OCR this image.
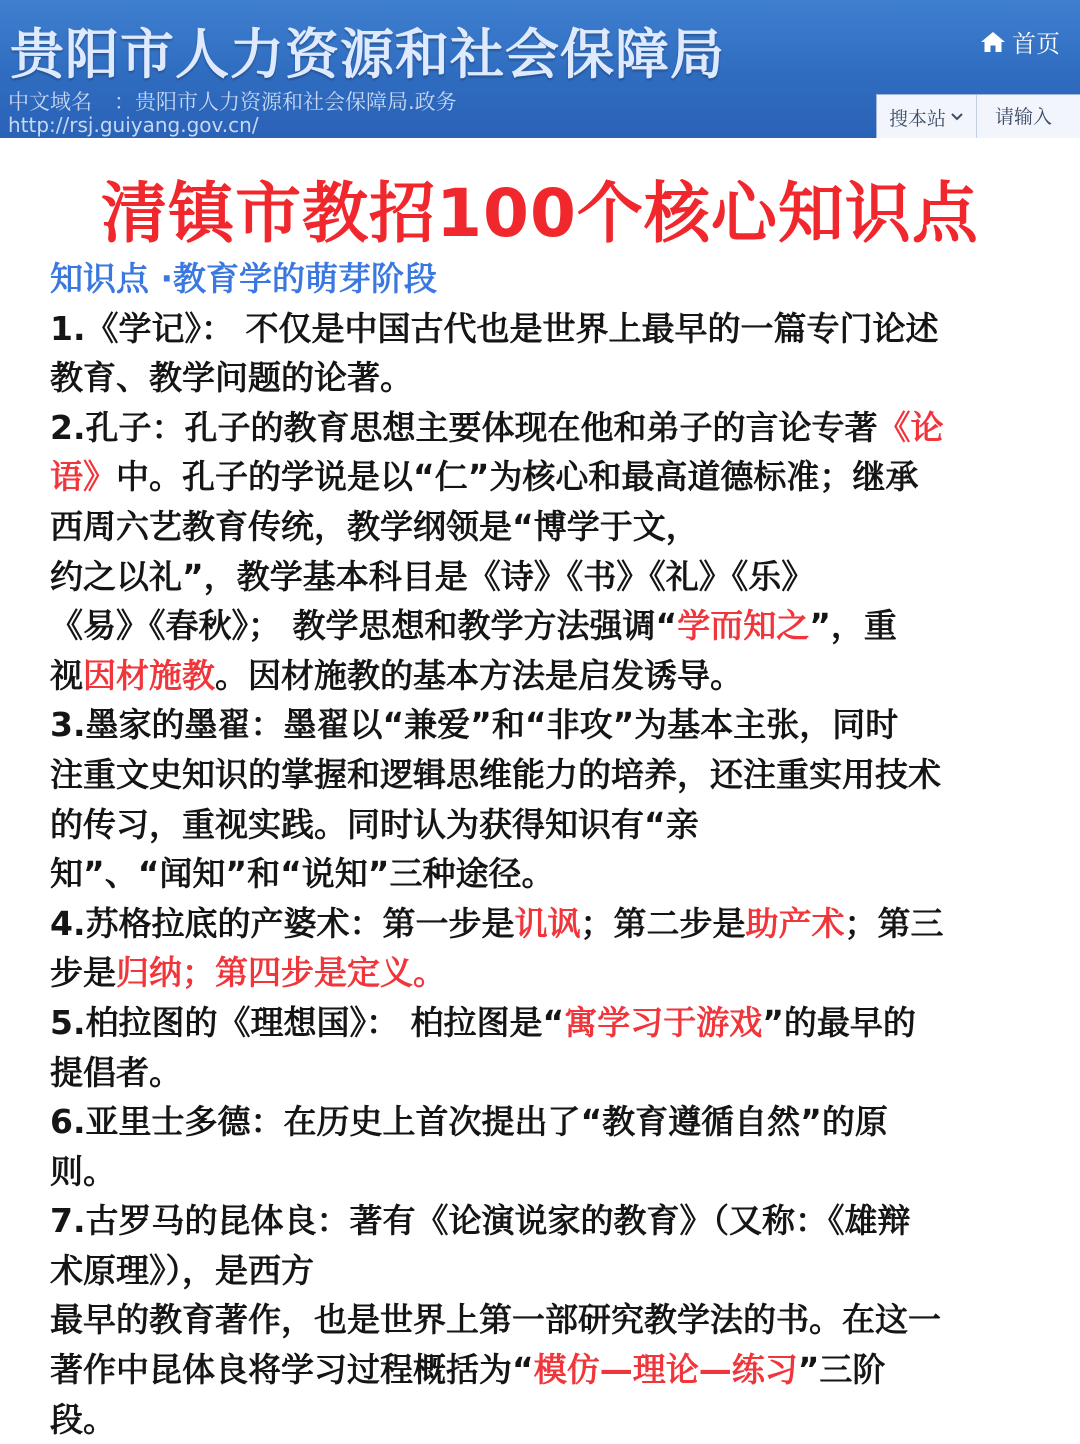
贵阳市人力资源和社会保障局
中文域名 ：贵阳市人力资源和社会保障局.政务
http://rsj.guiyang.gov.cn/
首页
搜本站
请输入
清镇市教招100个核心知识点
知识点 ·教育学的萌芽阶段
1.《学记》： 不仅是中国古代也是世界上最早的一篇专门论述
教育、教学问题的论著。
2.孔子：孔子的教育思想主要体现在他和弟子的言论专著《论
语》中。孔子的学说是以“仁”为核心和最高道德标准；继承
西周六艺教育传统，教学纲领是“博学于文，
约之以礼”，教学基本科目是《诗》《书》《礼》《乐》
《易》《春秋》； 教学思想和教学方法强调“学而知之”，重
视因材施教。因材施教的基本方法是启发诱导。
3.墨家的墨翟：墨翟以“兼爱”和“非攻”为基本主张，同时
注重文史知识的掌握和逻辑思维能力的培养，还注重实用技术
的传习，重视实践。同时认为获得知识有“亲
知”、“闻知”和“说知”三种途径。
4.苏格拉底的产婆术：第一步是讥讽；第二步是助产术；第三
步是归纳；第四步是定义。
5.柏拉图的《理想国》： 柏拉图是“寓学习于游戏”的最早的
提倡者。
6.亚里士多德：在历史上首次提出了“教育遵循自然”的原
则。
7.古罗马的昆体良：著有《论演说家的教育》（又称：《雄辩
术原理》），是西方
最早的教育著作，也是世界上第一部研究教学法的书。在这一
著作中昆体良将学习过程概括为“模仿—理论—练习”三阶
段。
